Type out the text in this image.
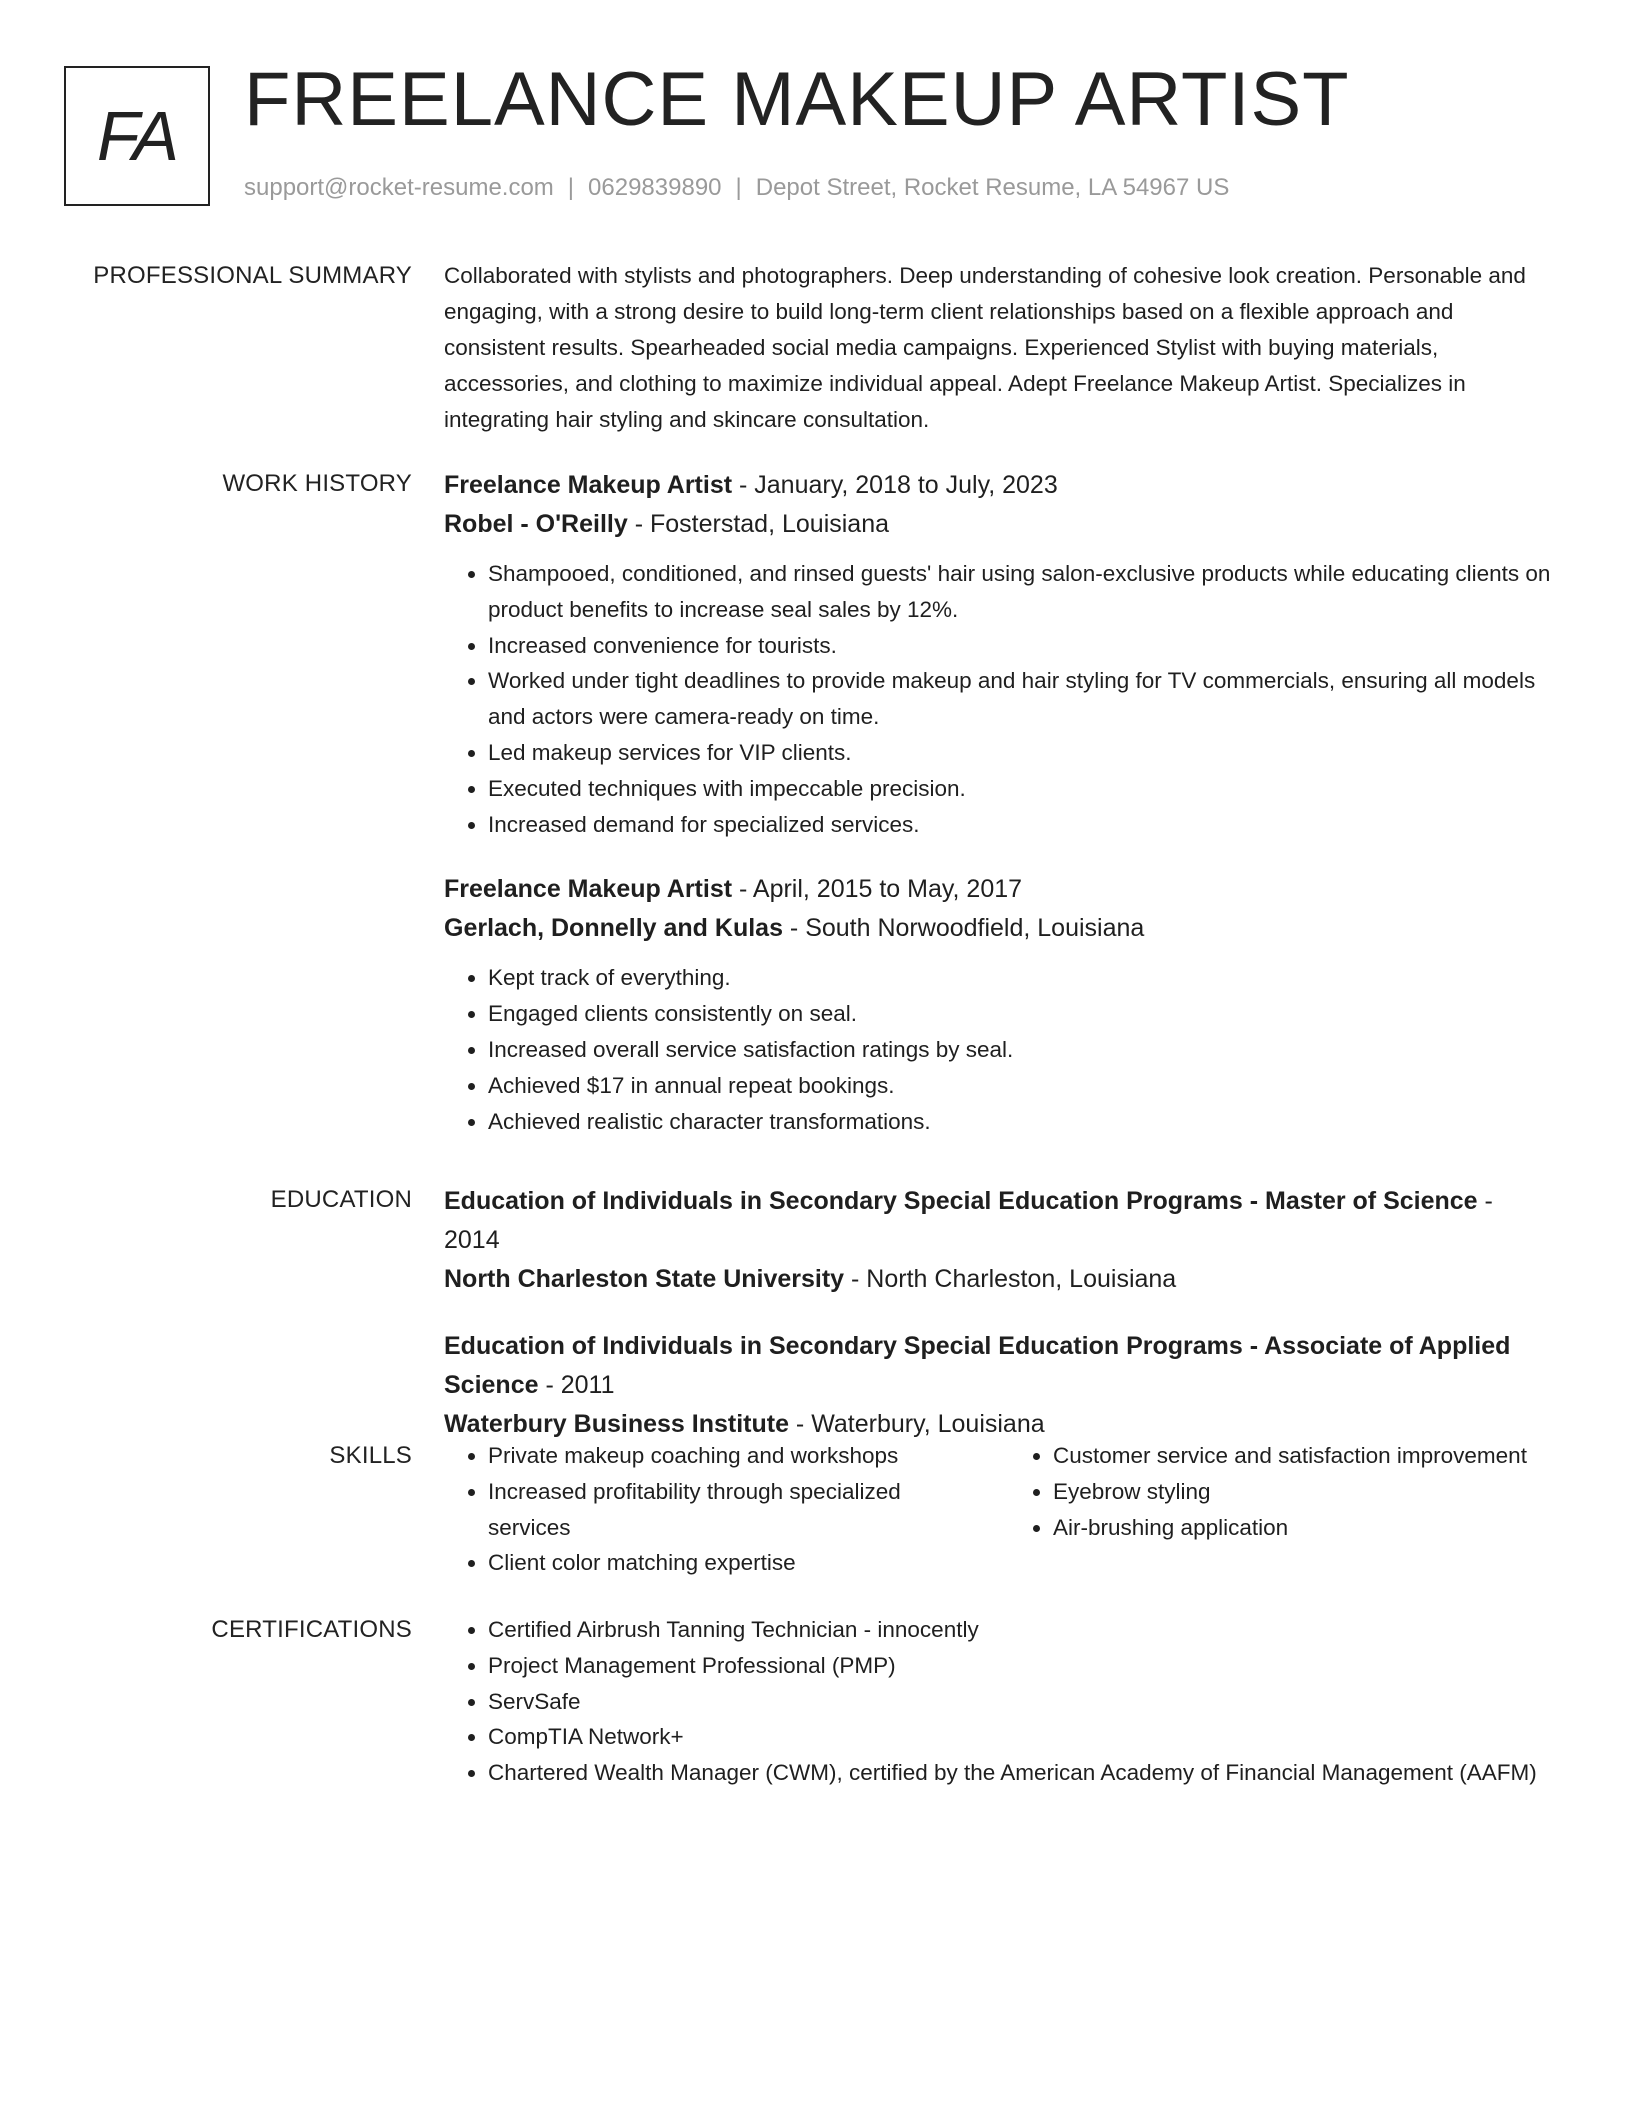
FA FREELANCE MAKEUP ARTIST
support@rocket-resume.com | 0629839890 | Depot Street, Rocket Resume, LA 54967 US
PROFESSIONAL SUMMARY Collaborated with stylists and photographers. Deep understanding of cohesive look creation. Personable and engaging, with a strong desire to build long-term client relationships based on a flexible approach and consistent results. Spearheaded social media campaigns. Experienced Stylist with buying materials, accessories, and clothing to maximize individual appeal. Adept Freelance Makeup Artist. Specializes in integrating hair styling and skincare consultation.

WORK HISTORY Freelance Makeup Artist - January, 2018 to July, 2023

Robel - O'Reilly - Fosterstad, Louisiana

• Shampooed, conditioned, and rinsed guests' hair using salon-exclusive products while educating clients on product benefits to increase seal sales by 12%.
• Increased convenience for tourists.
• Worked under tight deadlines to provide makeup and hair styling for TV commercials, ensuring all models and actors were camera-ready on time.
• Led makeup services for VIP clients.
• Executed techniques with impeccable precision.
• Increased demand for specialized services.

Freelance Makeup Artist - April, 2015 to May, 2017

Gerlach, Donnelly and Kulas - South Norwoodfield, Louisiana

• Kept track of everything.
• Engaged clients consistently on seal.
• Increased overall service satisfaction ratings by seal.
• Achieved $17 in annual repeat bookings.
• Achieved realistic character transformations.
EDUCATION Education of Individuals in Secondary Special Education Programs - Master of Science - 2014

North Charleston State University - North Charleston, Louisiana

Education of Individuals in Secondary Special Education Programs - Associate of Applied Science - 2011

Waterbury Business Institute - Waterbury, Louisiana

SKILLS	• Private makeup coaching and workshops
• Increased profitability through specialized services
• Client color matching expertise
• Customer service and satisfaction improvement
• Eyebrow styling
• Air-brushing application
CERTIFICATIONS	• Certified Airbrush Tanning Technician - innocently
• Project Management Professional (PMP)
• ServSafe
• CompTIA Network+
• Chartered Wealth Manager (CWM), certified by the American Academy of Financial Management (AAFM)
